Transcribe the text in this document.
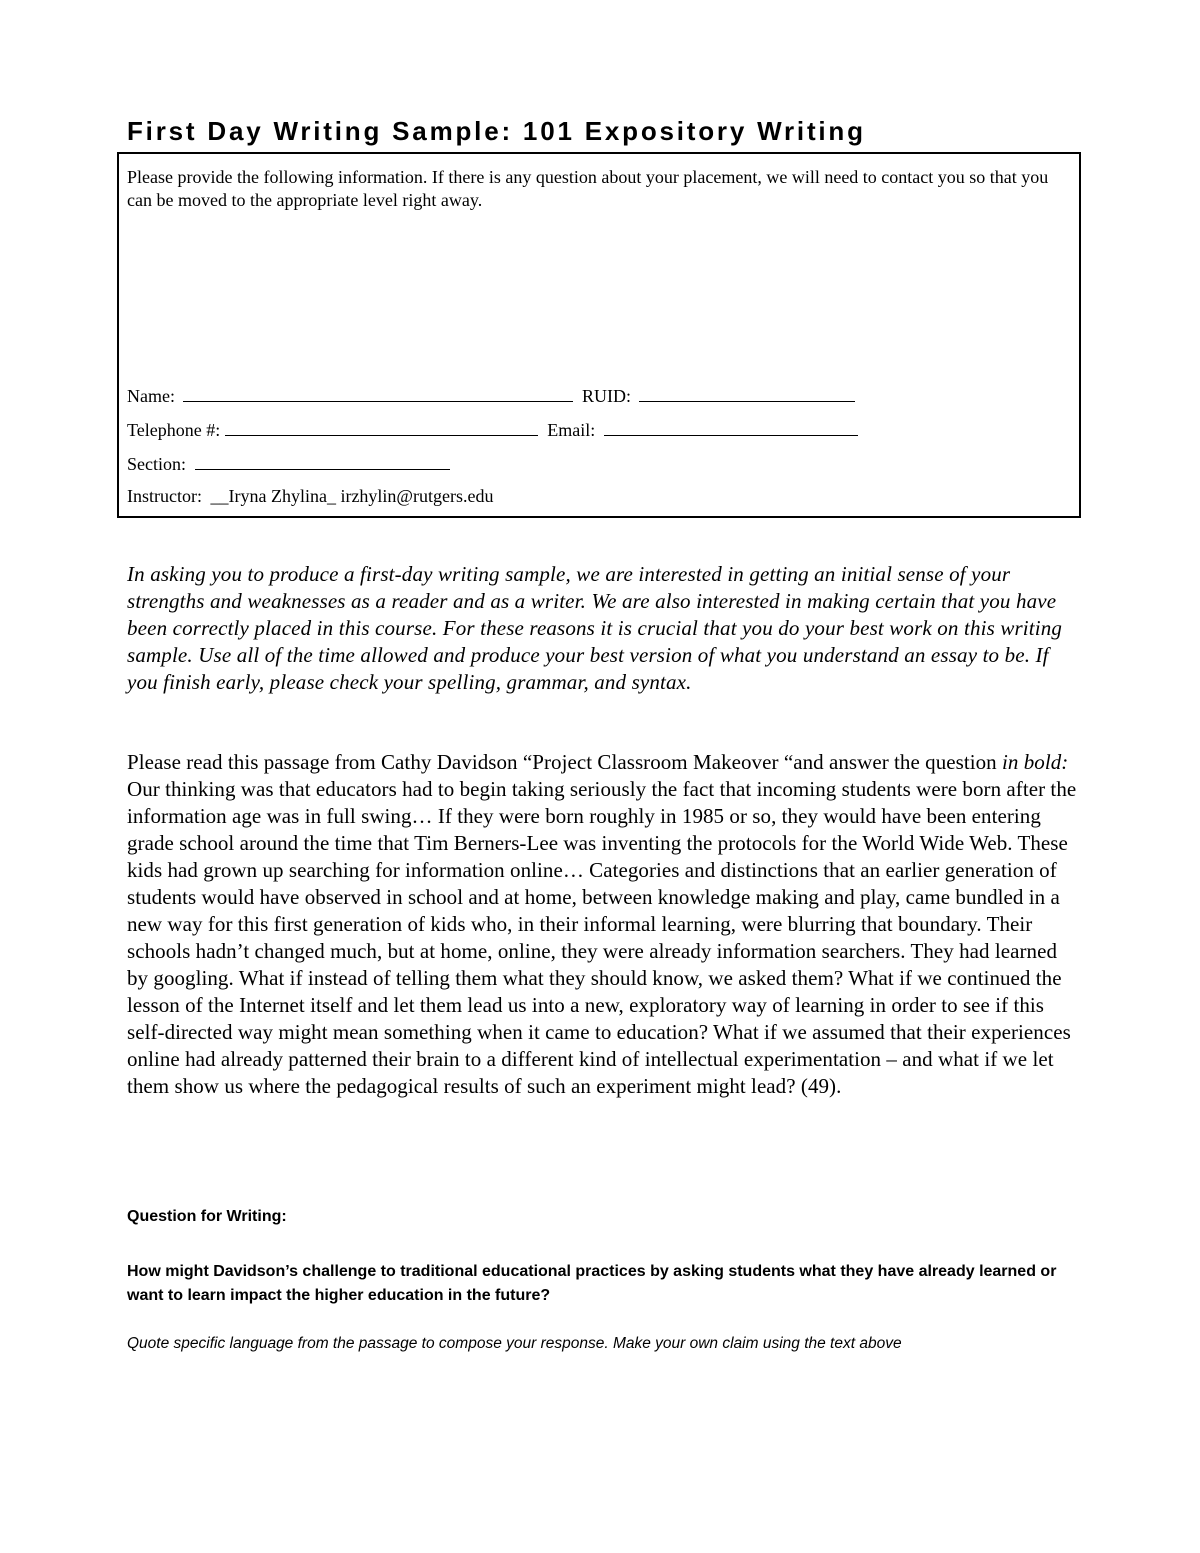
First Day Writing Sample: 101 Expository Writing
Please provide the following information. If there is any question about your placement, we will need to contact you so that you can be moved to the appropriate level right away.
Name:	RUID:
Telephone #:	Email:
Section:
Instructor: __Iryna Zhylina_ irzhylin@rutgers.edu

In asking you to produce a first-day writing sample, we are interested in getting an initial sense of your strengths and weaknesses as a reader and as a writer. We are also interested in making certain that you have been correctly placed in this course. For these reasons it is crucial that you do your best work on this writing sample. Use all of the time allowed and produce your best version of what you understand an essay to be. If you finish early, please check your spelling, grammar, and syntax.

Please read this passage from Cathy Davidson “Project Classroom Makeover “and answer the question in bold:
Our thinking was that educators had to begin taking seriously the fact that incoming students were born after the information age was in full swing… If they were born roughly in 1985 or so, they would have been entering grade school around the time that Tim Berners-Lee was inventing the protocols for the World Wide Web. These kids had grown up searching for information online… Categories and distinctions that an earlier generation of students would have observed in school and at home, between knowledge making and play, came bundled in a new way for this first generation of kids who, in their informal learning, were blurring that boundary. Their schools hadn’t changed much, but at home, online, they were already information searchers. They had learned by googling. What if instead of telling them what they should know, we asked them? What if we continued the lesson of the Internet itself and let them lead us into a new, exploratory way of learning in order to see if this self-directed way might mean something when it came to education? What if we assumed that their experiences online had already patterned their brain to a different kind of intellectual experimentation – and what if we let them show us where the pedagogical results of such an experiment might lead? (49).

Question for Writing:

How might Davidson’s challenge to traditional educational practices by asking students what they have already learned or want to learn impact the higher education in the future?

Quote specific language from the passage to compose your response. Make your own claim using the text above
